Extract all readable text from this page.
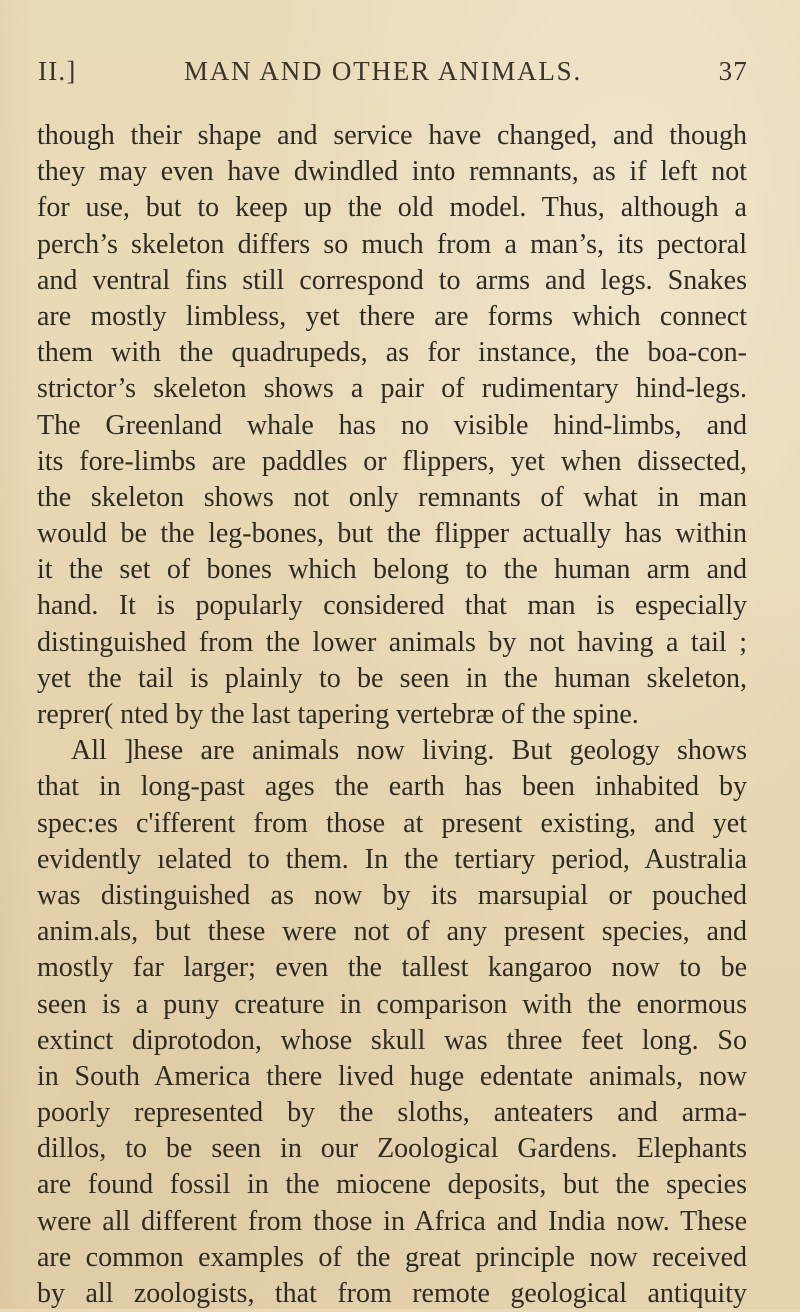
II.]	MAN AND OTHER ANIMALS.	37
though their shape and service have changed, and though
they may even have dwindled into remnants, as if left not
for use, but to keep up the old model. Thus, although a
perch’s skeleton differs so much from a man’s, its pectoral
and ventral fins still correspond to arms and legs. Snakes
are mostly limbless, yet there are forms which connect
them with the quadrupeds, as for instance, the boa-con-
strictor’s skeleton shows a pair of rudimentary hind-legs.
The Greenland whale has no visible hind-limbs, and
its fore-limbs are paddles or flippers, yet when dissected,
the skeleton shows not only remnants of what in man
would be the leg-bones, but the flipper actually has within
it the set of bones which belong to the human arm and
hand. It is popularly considered that man is especially
distinguished from the lower animals by not having a tail ;
yet the tail is plainly to be seen in the human skeleton,
reprer( nted by the last tapering vertebræ of the spine.
All ]hese are animals now living. But geology shows
that in long-past ages the earth has been inhabited by
spec:es c'ifferent from those at present existing, and yet
evidently ıelated to them. In the tertiary period, Australia
was distinguished as now by its marsupial or pouched
anim.als, but these were not of any present species, and
mostly far larger; even the tallest kangaroo now to be
seen is a puny creature in comparison with the enormous
extinct diprotodon, whose skull was three feet long. So
in South America there lived huge edentate animals, now
poorly represented by the sloths, anteaters and arma-
dillos, to be seen in our Zoological Gardens. Elephants
are found fossil in the miocene deposits, but the species
were all different from those in Africa and India now. These
are common examples of the great principle now received
by all zoologists, that from remote geological antiquity
